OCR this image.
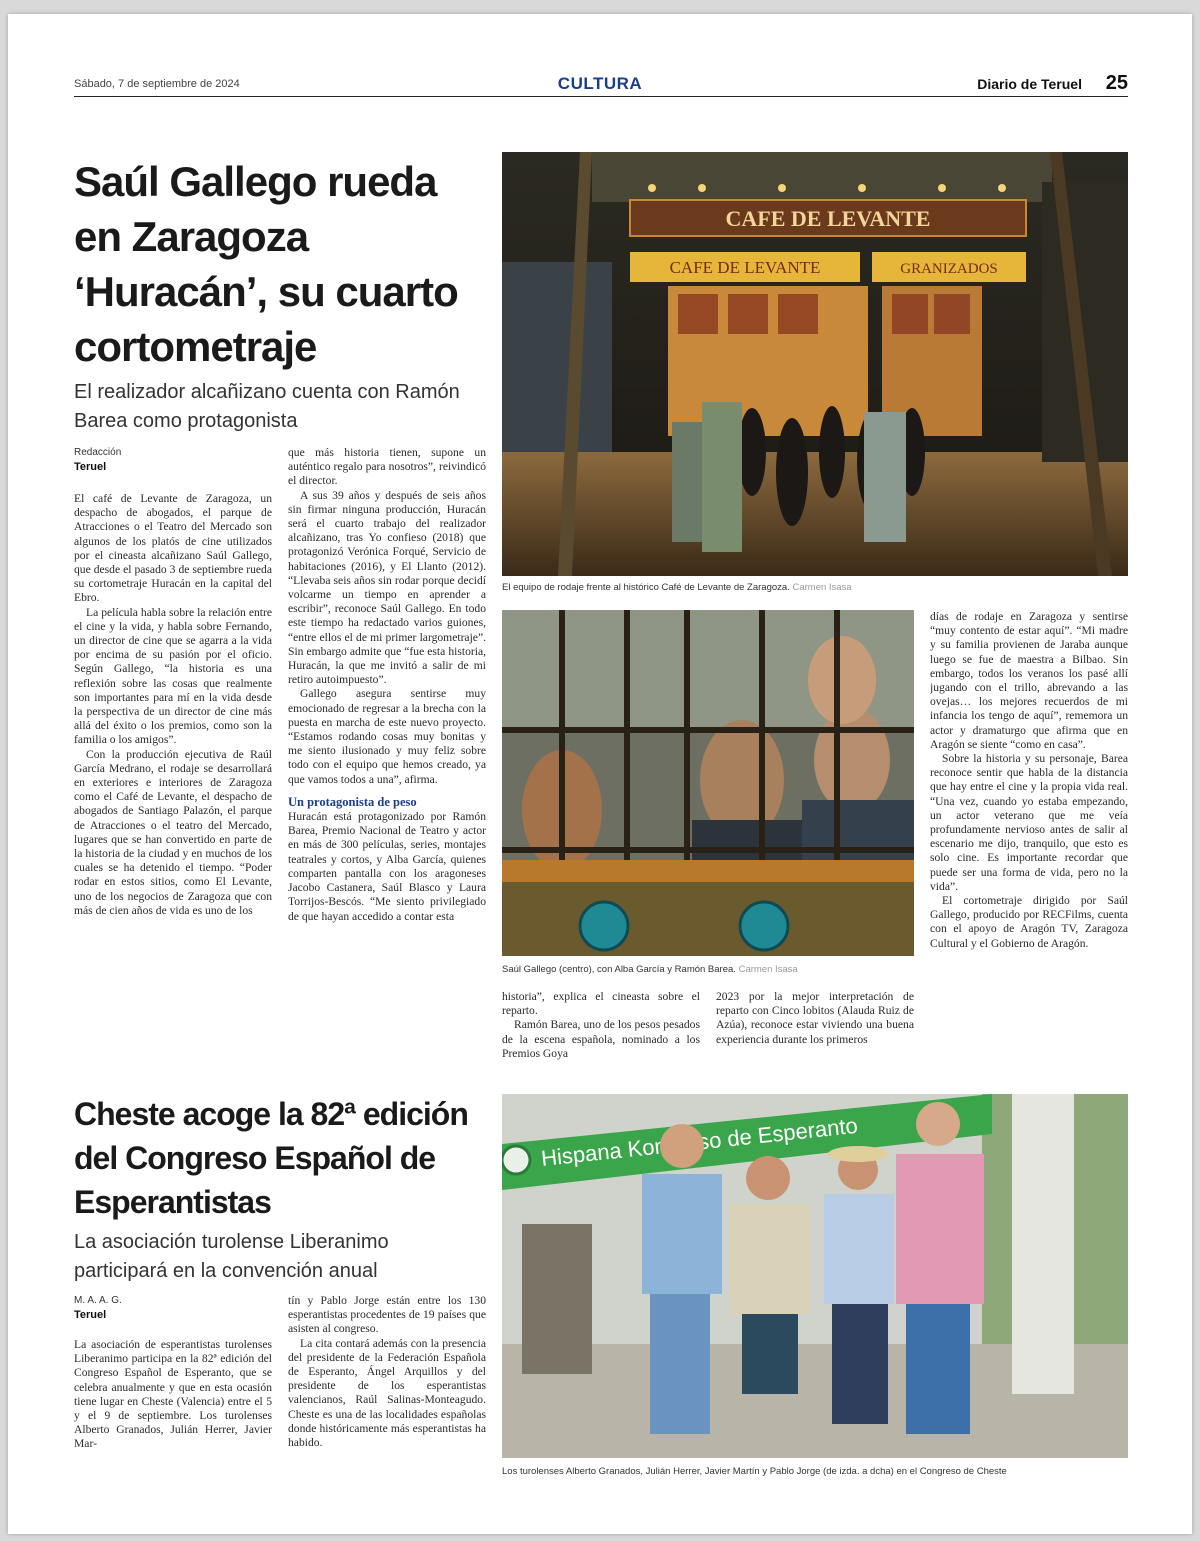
Sábado, 7 de septiembre de 2024	CULTURA	Diario de Teruel 25
Saúl Gallego rueda en Zaragoza ‘Huracán’, su cuarto cortometraje
El realizador alcañizano cuenta con Ramón Barea como protagonista
Redacción
Teruel

El café de Levante de Zaragoza, un despacho de abogados, el parque de Atracciones o el Teatro del Mercado son algunos de los platós de cine utilizados por el cineasta alcañizano Saúl Gallego, que desde el pasado 3 de septiembre rueda su cortometraje Huracán en la capital del Ebro.

La película habla sobre la relación entre el cine y la vida, y habla sobre Fernando, un director de cine que se agarra a la vida por encima de su pasión por el oficio. Según Gallego, “la historia es una reflexión sobre las cosas que realmente son importantes para mí en la vida desde la perspectiva de un director de cine más allá del éxito o los premios, como son la familia o los amigos”.

Con la producción ejecutiva de Raúl García Medrano, el rodaje se desarrollará en exteriores e interiores de Zaragoza como el Café de Levante, el despacho de abogados de Santiago Palazón, el parque de Atracciones o el teatro del Mercado, lugares que se han convertido en parte de la historia de la ciudad y en muchos de los cuales se ha detenido el tiempo. “Poder rodar en estos sitios, como El Levante, uno de los negocios de Zaragoza que con más de cien años de vida es uno de los

que más historia tienen, supone un auténtico regalo para nosotros”, reivindicó el director.

A sus 39 años y después de seis años sin firmar ninguna producción, Huracán será el cuarto trabajo del realizador alcañizano, tras Yo confieso (2018) que protagonizó Verónica Forqué, Servicio de habitaciones (2016), y El Llanto (2012). “Llevaba seis años sin rodar porque decidí volcarme un tiempo en aprender a escribir”, reconoce Saúl Gallego. En todo este tiempo ha redactado varios guiones, “entre ellos el de mi primer largometraje”. Sin embargo admite que “fue esta historia, Huracán, la que me invitó a salir de mi retiro autoimpuesto”.

Gallego asegura sentirse muy emocionado de regresar a la brecha con la puesta en marcha de este nuevo proyecto. “Estamos rodando cosas muy bonitas y me siento ilusionado y muy feliz sobre todo con el equipo que hemos creado, ya que vamos todos a una”, afirma.

Un protagonista de peso

Huracán está protagonizado por Ramón Barea, Premio Nacional de Teatro y actor en más de 300 películas, series, montajes teatrales y cortos, y Alba García, quienes comparten pantalla con los aragoneses Jacobo Castanera, Saúl Blasco y Laura Torrijos-Bescós. “Me siento privilegiado de que hayan accedido a contar esta

CAFE DE LEVANTE
CAFE DE LEVANTE	GRANIZADOS
El equipo de rodaje frente al histórico Café de Levante de Zaragoza. Carmen Isasa
Saúl Gallego (centro), con Alba García y Ramón Barea. Carmen Isasa

historia”, explica el cineasta sobre el reparto.

Ramón Barea, uno de los pesos pesados de la escena española, nominado a los Premios Goya

2023 por la mejor interpretación de reparto con Cinco lobitos (Alauda Ruiz de Azúa), reconoce estar viviendo una buena experiencia durante los primeros

días de rodaje en Zaragoza y sentirse “muy contento de estar aquí”. “Mi madre y su familia provienen de Jaraba aunque luego se fue de maestra a Bilbao. Sin embargo, todos los veranos los pasé allí jugando con el trillo, abrevando a las ovejas… los mejores recuerdos de mi infancia los tengo de aquí”, rememora un actor y dramaturgo que afirma que en Aragón se siente “como en casa”.

Sobre la historia y su personaje, Barea reconoce sentir que habla de la distancia que hay entre el cine y la propia vida real. “Una vez, cuando yo estaba empezando, un actor veterano que me veía profundamente nervioso antes de salir al escenario me dijo, tranquilo, que esto es solo cine. Es importante recordar que puede ser una forma de vida, pero no la vida”.

El cortometraje dirigido por Saúl Gallego, producido por RECFilms, cuenta con el apoyo de Aragón TV, Zaragoza Cultural y el Gobierno de Aragón.

Cheste acoge la 82ª edición del Congreso Español de Esperantistas
La asociación turolense Liberanimo participará en la convención anual
M. A. A. G.
Teruel

La asociación de esperantistas turolenses Liberanimo participa en la 82ª edición del Congreso Español de Esperanto, que se celebra anualmente y que en esta ocasión tiene lugar en Cheste (Valencia) entre el 5 y el 9 de septiembre. Los turolenses Alberto Granados, Julián Herrer, Javier Mar-

tín y Pablo Jorge están entre los 130 esperantistas procedentes de 19 países que asisten al congreso.

La cita contará además con la presencia del presidente de la Federación Española de Esperanto, Ángel Arquillos y del presidente de los esperantistas valencianos, Raúl Salinas-Monteagudo. Cheste es una de las localidades españolas donde históricamente más esperantistas ha habido.

Hispana de Esperanto
Los turolenses Alberto Granados, Julián Herrer, Javier Martín y Pablo Jorge (de izda. a dcha) en el Congreso de Cheste
